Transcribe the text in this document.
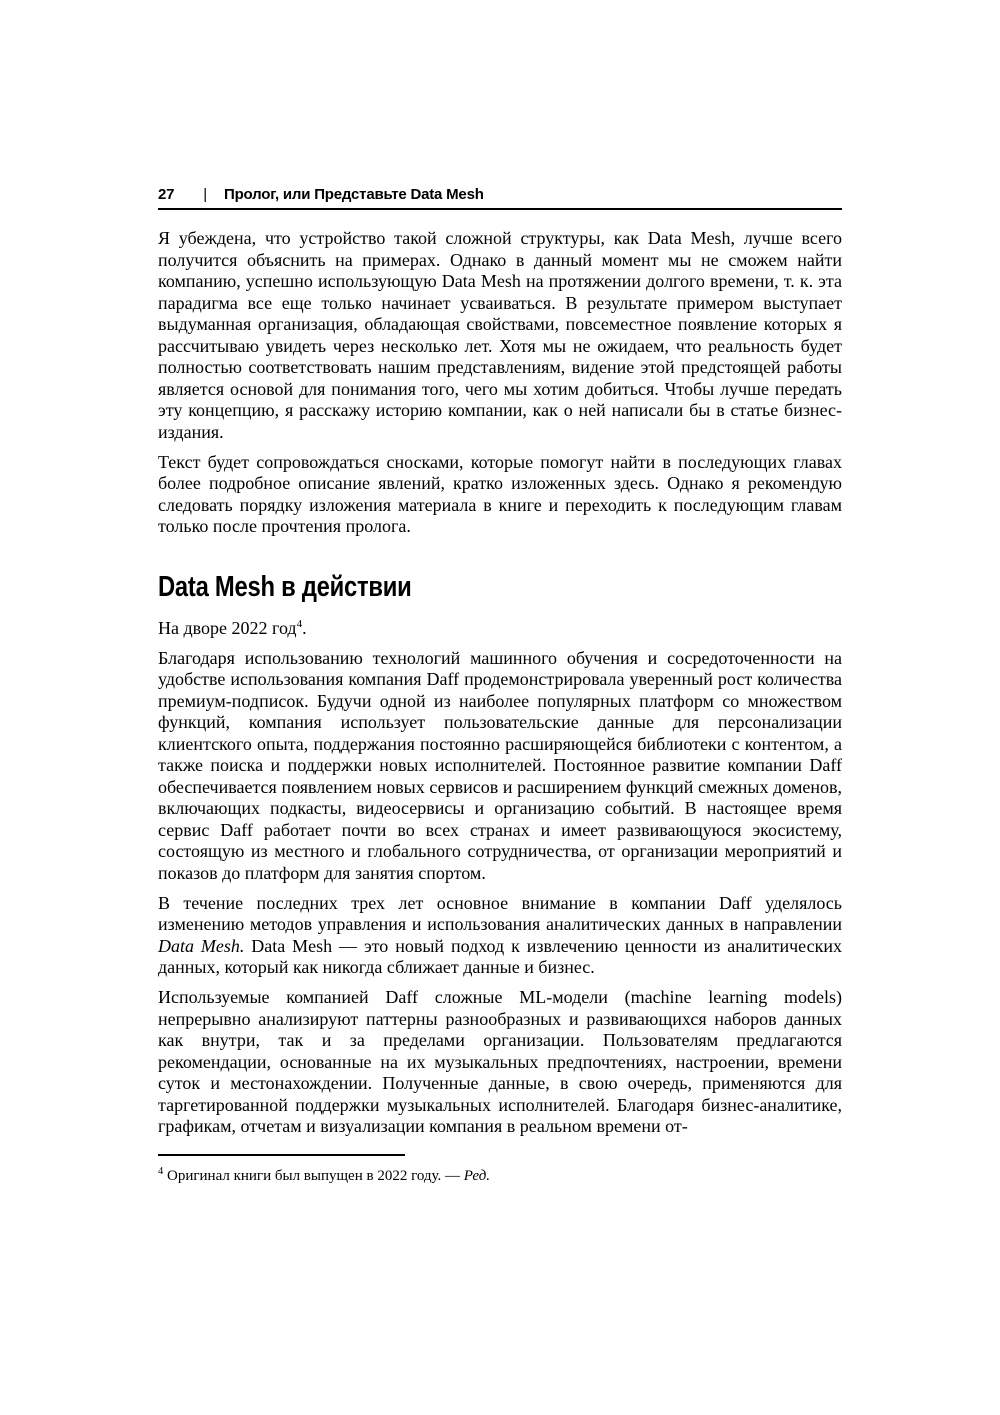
27 | Пролог, или Представьте Data Mesh

Я убеждена, что устройство такой сложной структуры, как Data Mesh, лучше всего получится объяснить на примерах. Однако в данный момент мы не сможем найти компанию, успешно использующую Data Mesh на протяжении долгого времени, т. к. эта парадигма все еще только начинает усваиваться. В результате примером выступает выдуманная организация, обладающая свойствами, повсеместное появление которых я рассчитываю увидеть через несколько лет. Хотя мы не ожидаем, что реальность будет полностью соответствовать нашим представлениям, видение этой предстоящей работы является основой для понимания того, чего мы хотим добиться. Чтобы лучше передать эту концепцию, я расскажу историю компании, как о ней написали бы в статье бизнес-издания.

Текст будет сопровождаться сносками, которые помогут найти в последующих главах более подробное описание явлений, кратко изложенных здесь. Однако я рекомендую следовать порядку изложения материала в книге и переходить к последующим главам только после прочтения пролога.

Data Mesh в действии

На дворе 2022 год$^4$.

Благодаря использованию технологий машинного обучения и сосредоточенности на удобстве использования компания Daff продемонстрировала уверенный рост количества премиум-подписок. Будучи одной из наиболее популярных платформ со множеством функций, компания использует пользовательские данные для персонализации клиентского опыта, поддержания постоянно расширяющейся библиотеки с контентом, а также поиска и поддержки новых исполнителей. Постоянное развитие компании Daff обеспечивается появлением новых сервисов и расширением функций смежных доменов, включающих подкасты, видеосервисы и организацию событий. В настоящее время сервис Daff работает почти во всех странах и имеет развивающуюся экосистему, состоящую из местного и глобального сотрудничества, от организации мероприятий и показов до платформ для занятия спортом.

В течение последних трех лет основное внимание в компании Daff уделялось изменению методов управления и использования аналитических данных в направлении Data Mesh. Data Mesh — это новый подход к извлечению ценности из аналитических данных, который как никогда сближает данные и бизнес.

Используемые компанией Daff сложные ML-модели (machine learning models) непрерывно анализируют паттерны разнообразных и развивающихся наборов данных как внутри, так и за пределами организации. Пользователям предлагаются рекомендации, основанные на их музыкальных предпочтениях, настроении, времени суток и местонахождении. Полученные данные, в свою очередь, применяются для таргетированной поддержки музыкальных исполнителей. Благодаря бизнес-аналитике, графикам, отчетам и визуализации компания в реальном времени от-

$^4$ Оригинал книги был выпущен в 2022 году. — Ред.
